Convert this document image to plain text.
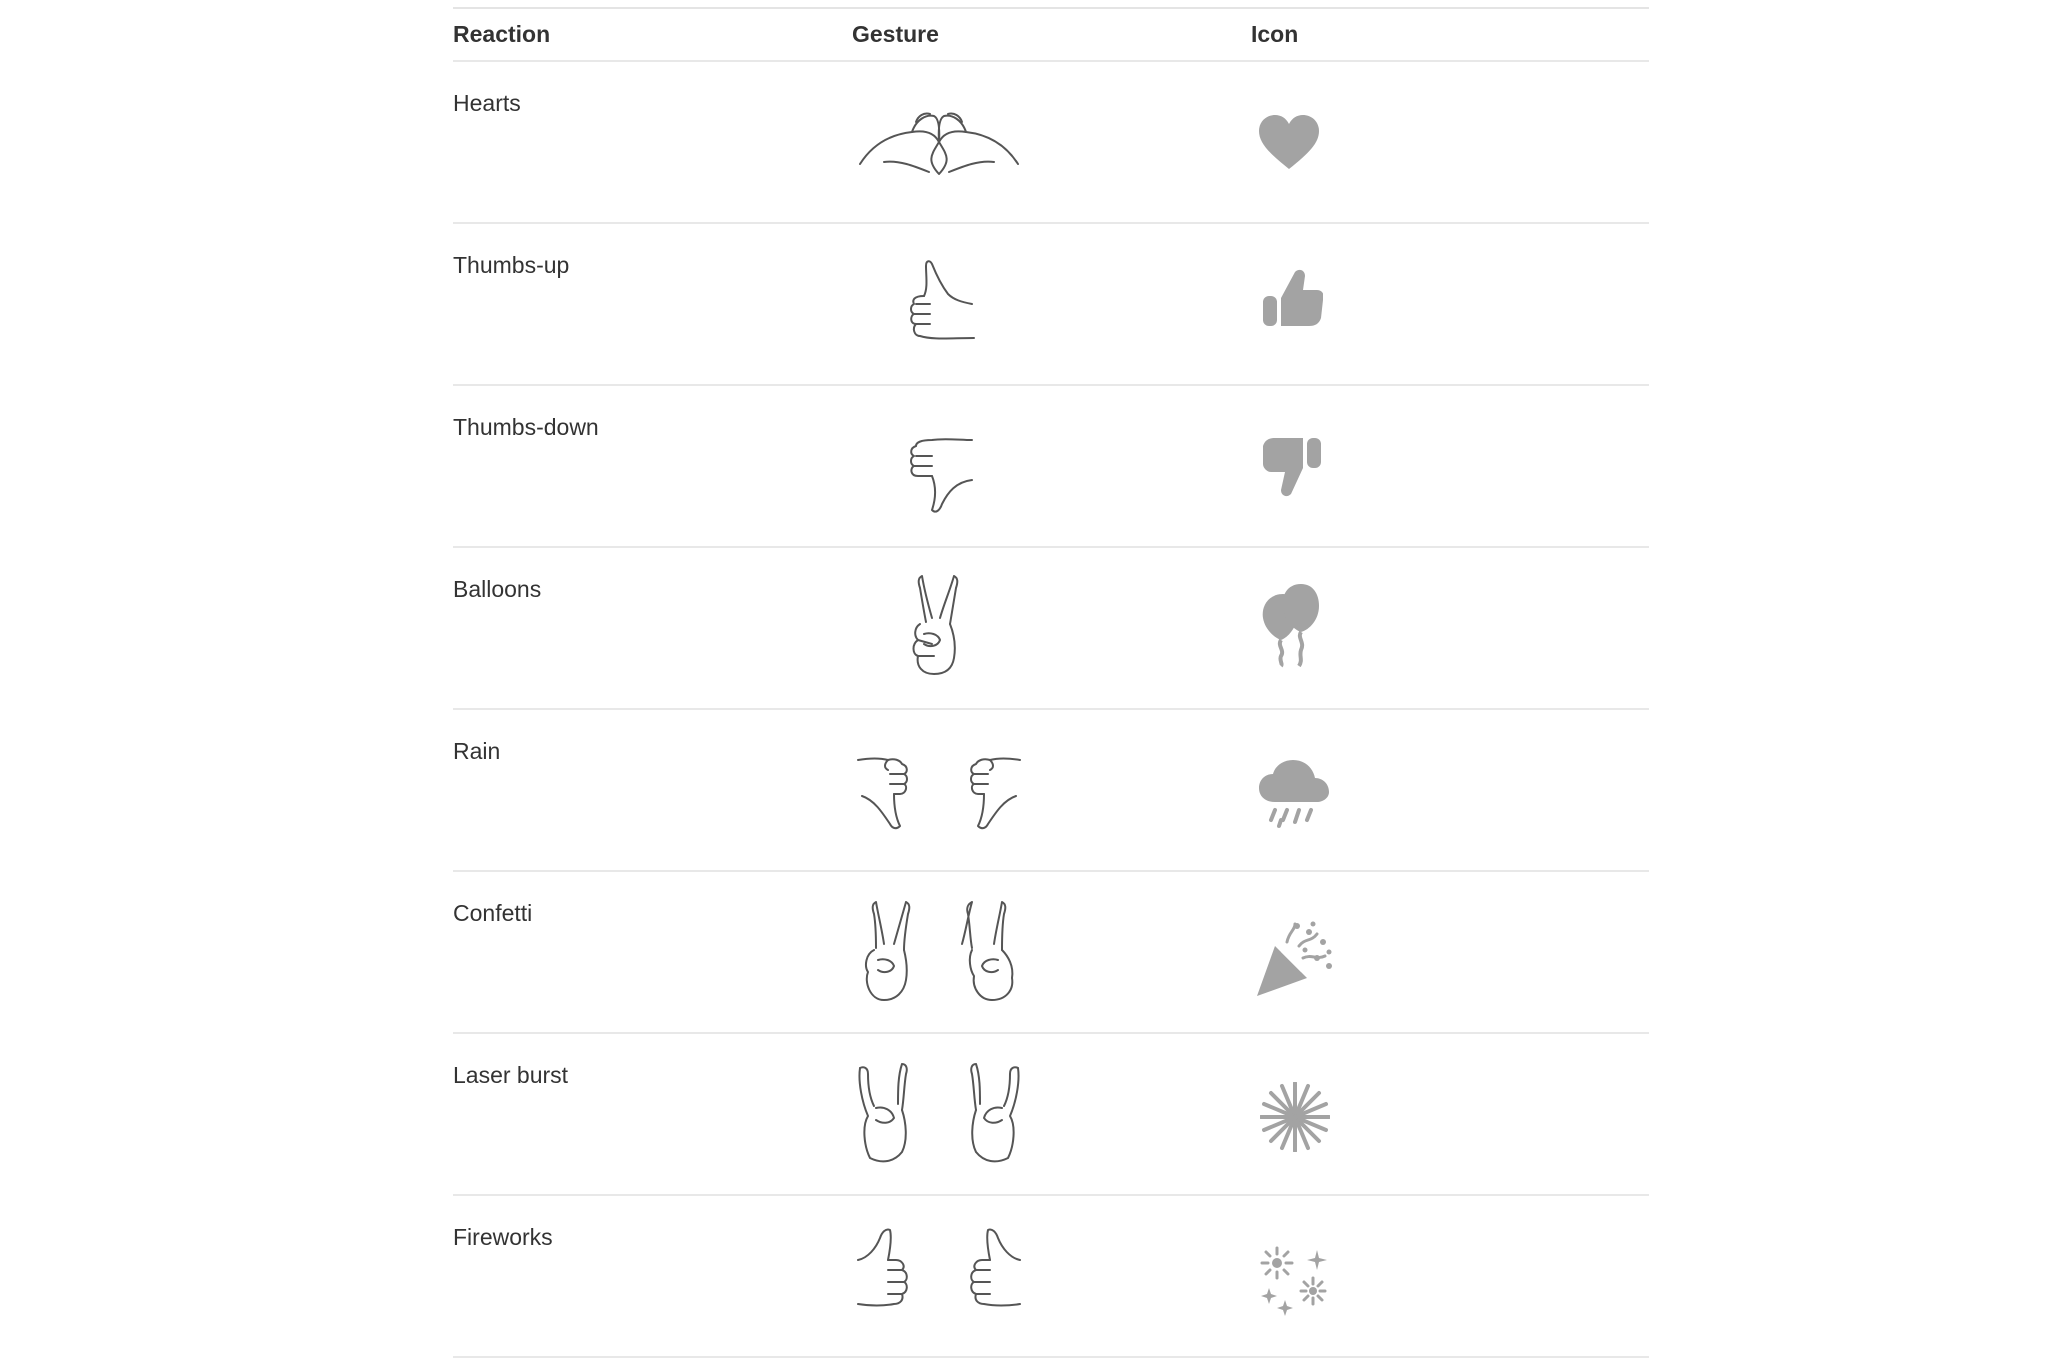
Reaction	Gesture	Icon
Hearts
Thumbs-up
Thumbs-down
Balloons
Rain
Confetti
Laser burst
Fireworks
